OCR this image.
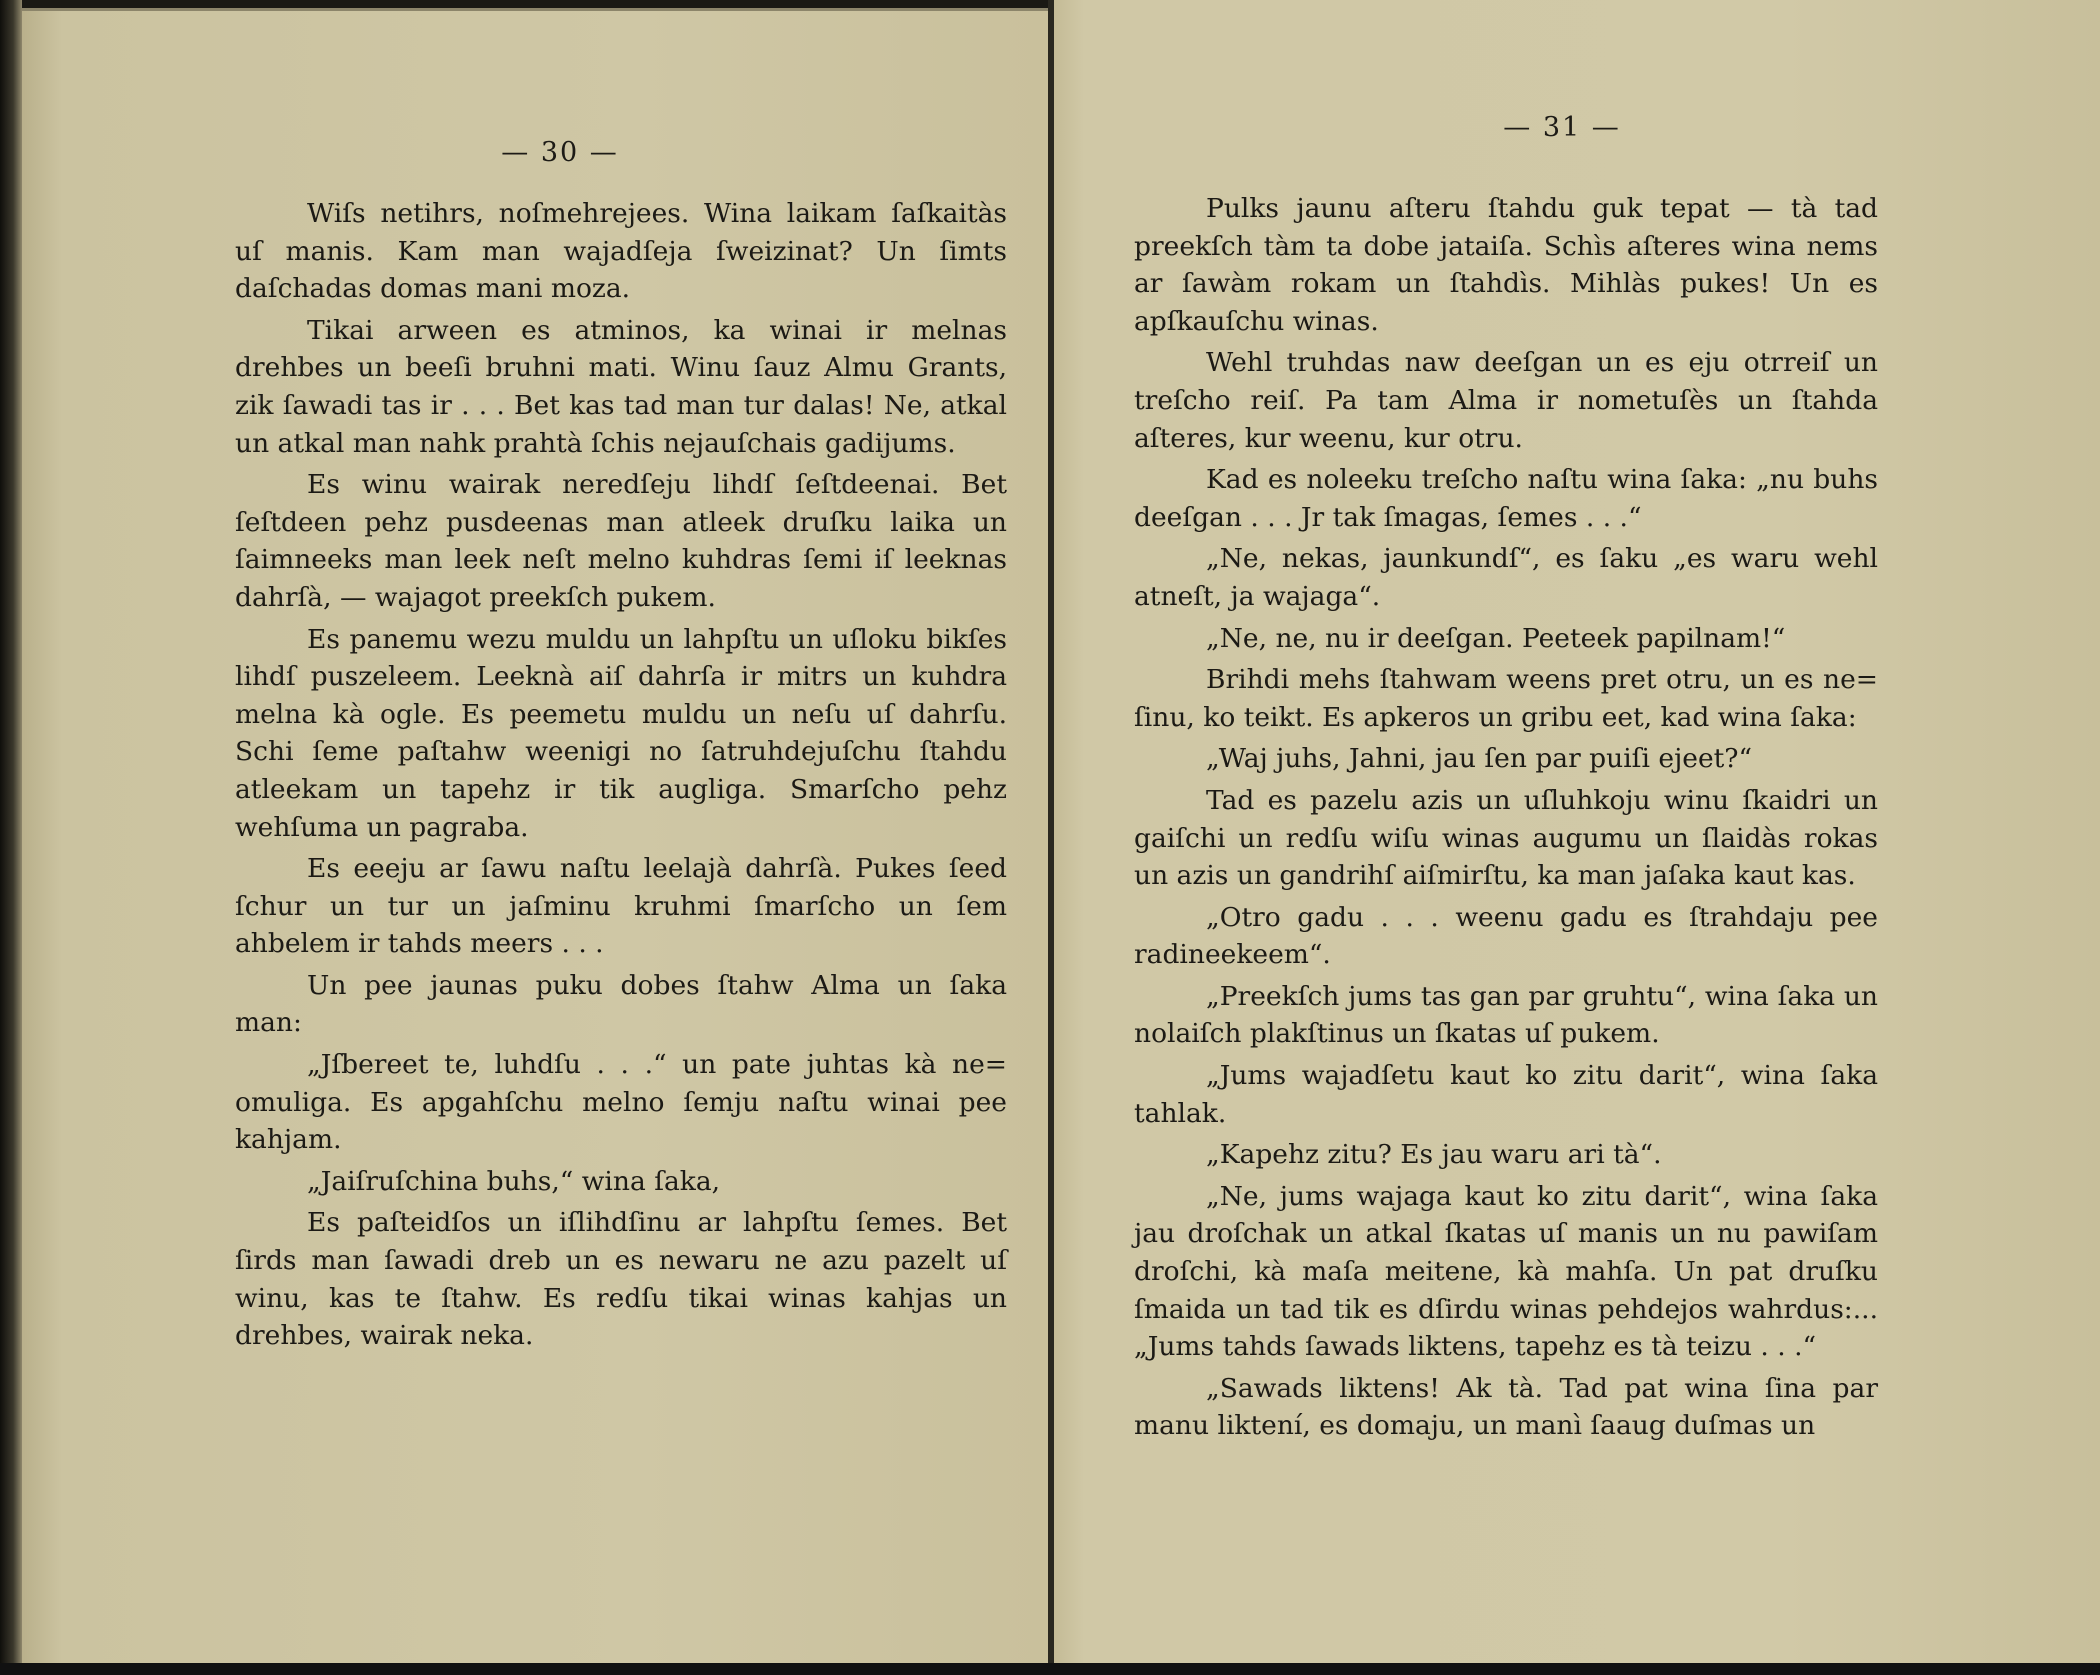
— 30 —

Wiſs netihrs, noſmehrejees. Wina laikam ſaſkaitàs uſ manis. Kam man wajadſeja ſweizinat? Un ſimts daſchadas domas mani moza.

Tikai arween es atminos, ka winai ir melnas drehbes un beeſi bruhni mati. Winu ſauz Almu Grants, zik ſawadi tas ir . . . Bet kas tad man tur dalas! Ne, atkal un atkal man nahk prahtà ſchis nejauſchais gadijums.

Es winu wairak neredſeju lihdſ ſeſtdeenai. Bet ſeſtdeen pehz pusdeenas man atleek druſku laika un ſaimneeks man leek neſt melno kuhdras ſemi iſ leeknas dahrſà, — wajagot preekſch pukem.

Es panemu wezu muldu un lahpſtu un uſloku bikſes lihdſ puszeleem. Leeknà aiſ dahrſa ir mitrs un kuhdra melna kà ogle. Es peemetu muldu un neſu uſ dahrſu. Schi ſeme paſtahw weenigi no ſatruhdejuſchu ſtahdu atleekam un tapehz ir tik augliga. Smarſcho pehz wehſuma un pagraba.

Es eeeju ar ſawu naſtu leelajà dahrſà. Pukes ſeed ſchur un tur un jaſminu kruhmi ſmarſcho un ſem ahbelem ir tahds meers . . .

Un pee jaunas puku dobes ſtahw Alma un ſaka man:

„Jſbereet te, luhdſu . . .“ un pate juhtas kà ne= omuliga. Es apgahſchu melno ſemju naſtu winai pee kahjam.

„Jaiſruſchina buhs,“ wina ſaka,

Es paſteidſos un iſlihdſinu ar lahpſtu ſemes. Bet ſirds man ſawadi dreb un es newaru ne azu pazelt uſ winu, kas te ſtahw. Es redſu tikai winas kahjas un drehbes, wairak neka.

— 31 —

Pulks jaunu aſteru ſtahdu guk tepat — tà tad preekſch tàm ta dobe jataiſa. Schìs aſteres wina nems ar ſawàm rokam un ſtahdìs. Mihlàs pukes! Un es apſkauſchu winas.

Wehl truhdas naw deeſgan un es eju otrreiſ un treſcho reiſ. Pa tam Alma ir nometuſès un ſtahda aſteres, kur weenu, kur otru.

Kad es noleeku treſcho naſtu wina ſaka: „nu buhs deeſgan . . . Jr tak ſmagas, ſemes . . .“

„Ne, nekas, jaunkundſ“, es ſaku „es waru wehl atneſt, ja wajaga“.

„Ne, ne, nu ir deeſgan. Peeteek papilnam!“

Brihdi mehs ſtahwam weens pret otru, un es ne= ſinu, ko teikt. Es apkeros un gribu eet, kad wina ſaka:

„Waj juhs, Jahni, jau ſen par puiſi ejeet?“

Tad es pazelu azis un uſluhkoju winu ſkaidri un gaiſchi un redſu wiſu winas augumu un ſlaidàs rokas un azis un gandrihſ aiſmirſtu, ka man jaſaka kaut kas.

„Otro gadu . . . weenu gadu es ſtrahdaju pee radineekeem“.

„Preekſch jums tas gan par gruhtu“, wina ſaka un nolaiſch plakſtinus un ſkatas uſ pukem.

„Jums wajadſetu kaut ko zitu darit“, wina ſaka tahlak.

„Kapehz zitu? Es jau waru ari tà“.

„Ne, jums wajaga kaut ko zitu darit“, wina ſaka jau droſchak un atkal ſkatas uſ manis un nu pawiſam droſchi, kà maſa meitene, kà mahſa. Un pat druſku ſmaida un tad tik es dſirdu winas pehdejos wahrdus:... „Jums tahds ſawads liktens, tapehz es tà teizu . . .“

„Sawads liktens! Ak tà. Tad pat wina ſina par manu liktení, es domaju, un manì ſaaug duſmas un
